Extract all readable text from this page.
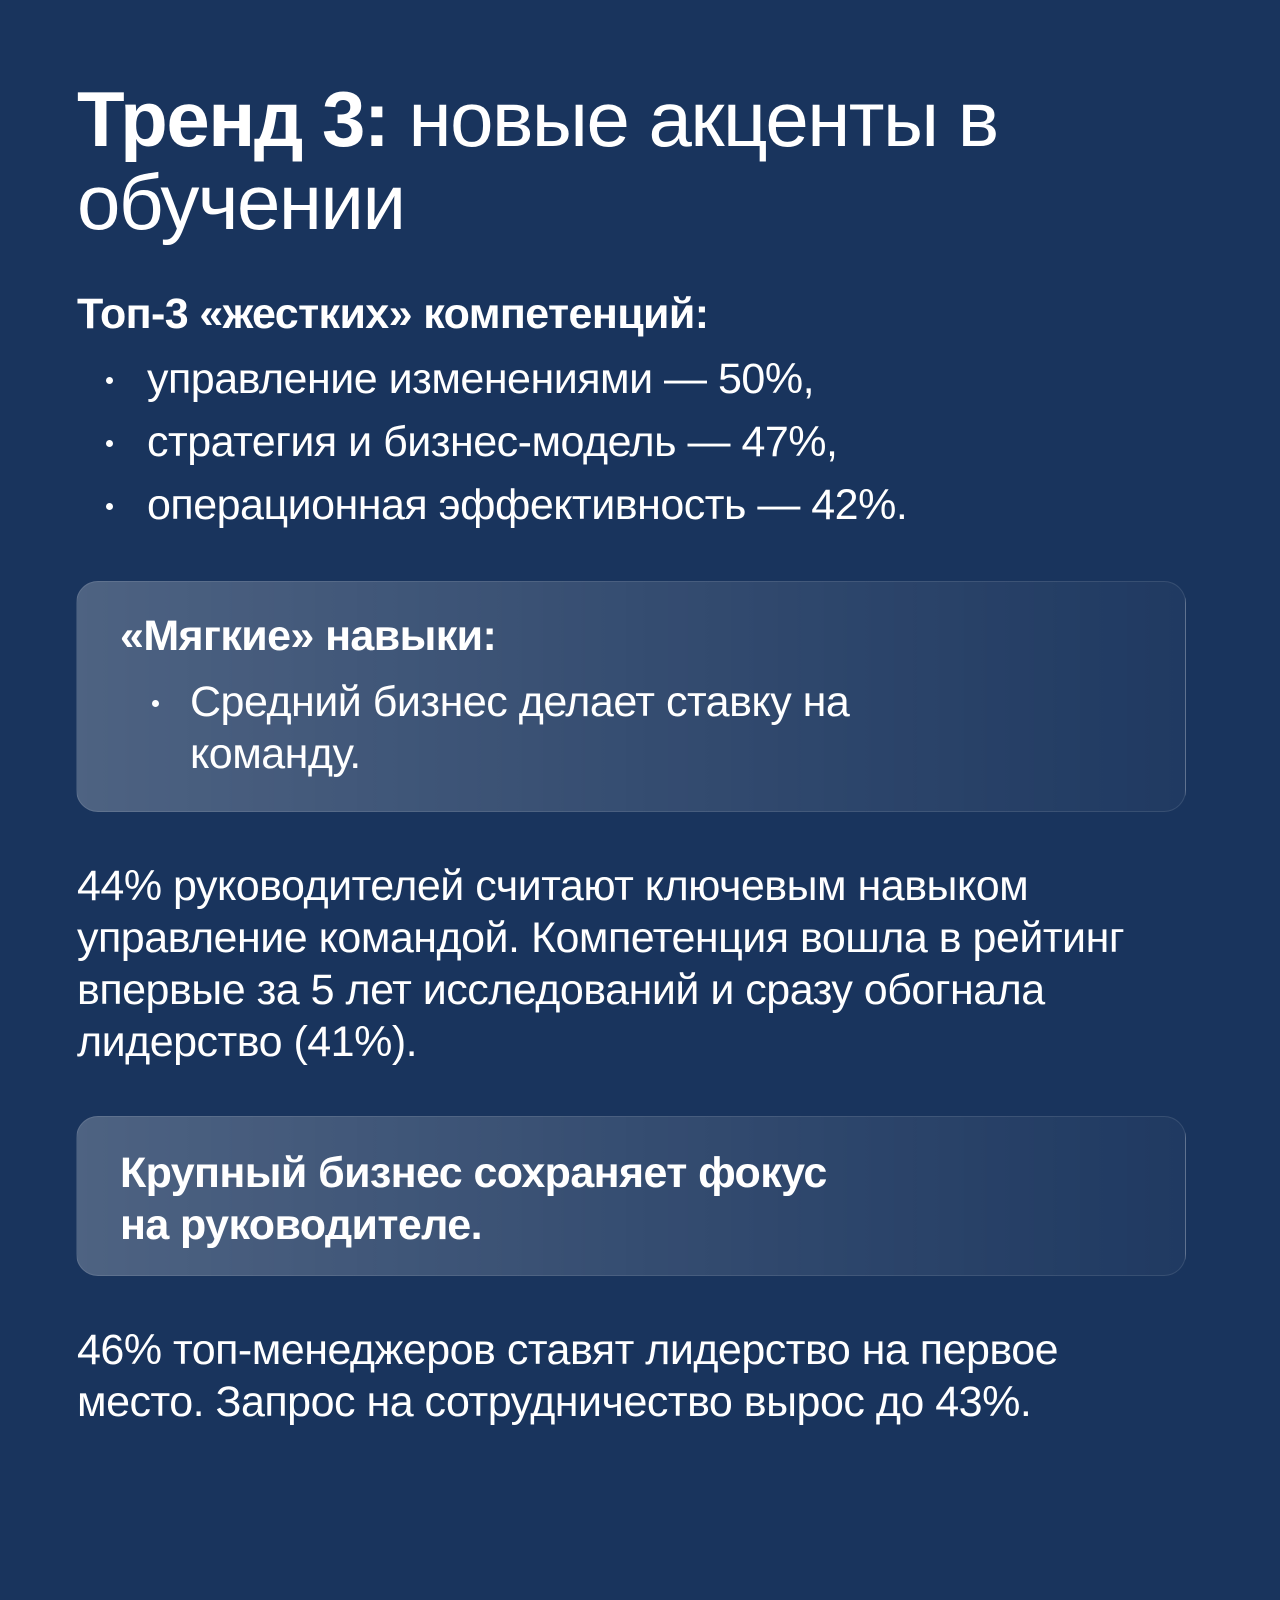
Тренд 3: новые акценты в обучении
Топ-3 «жестких» компетенций:
управление изменениями — 50%,
стратегия и бизнес-модель — 47%,
операционная эффективность — 42%.
«Мягкие» навыки:
Средний бизнес делает ставку на команду.

44% руководителей считают ключевым навыком управление командой. Компетенция вошла в рейтинг впервые за 5 лет исследований и сразу обогнала лидерство (41%).

Крупный бизнес сохраняет фокус на руководителе.

46% топ-менеджеров ставят лидерство на первое место. Запрос на сотрудничество вырос до 43%.
